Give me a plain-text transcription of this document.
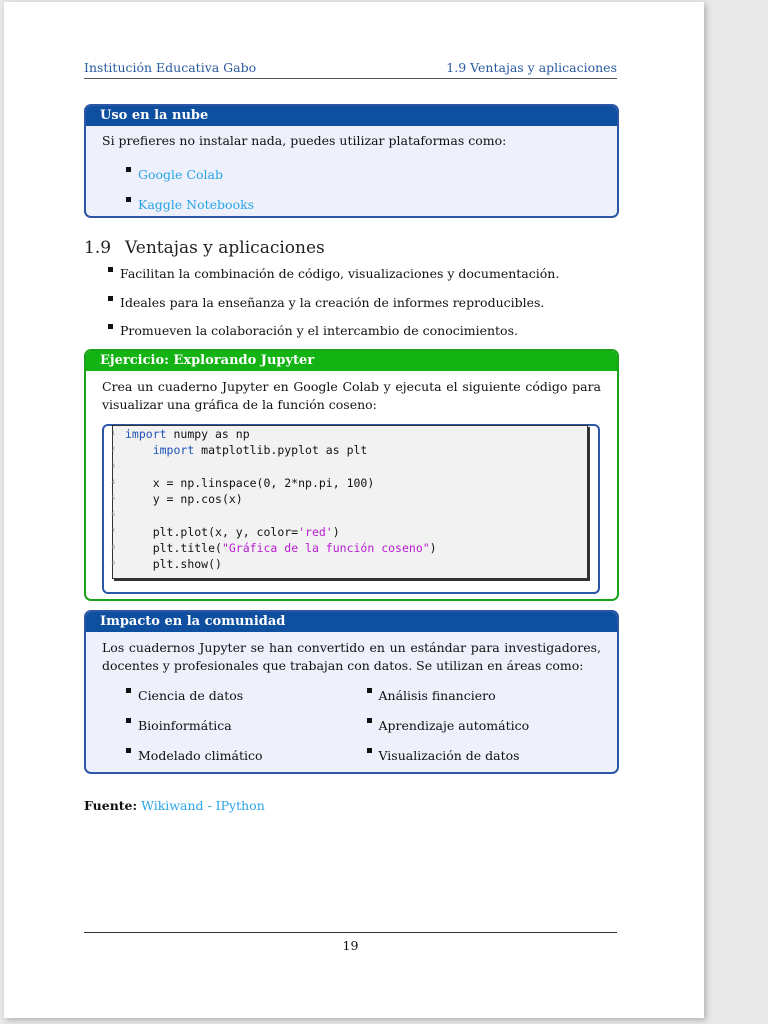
Institución Educativa Gabo	1.9 Ventajas y aplicaciones
Uso en la nube
Si prefieres no instalar nada, puedes utilizar plataformas como:
Google Colab
Kaggle Notebooks
1.9 Ventajas y aplicaciones
Facilitan la combinación de código, visualizaciones y documentación.
Ideales para la enseñanza y la creación de informes reproducibles.
Promueven la colaboración y el intercambio de conocimientos.
Ejercicio: Explorando Jupyter
Crea un cuaderno Jupyter en Google Colab y ejecuta el siguiente código para visualizar una gráfica de la función coseno:
1 import numpy as np
2	import matplotlib.pyplot as plt
3
4	x = np.linspace(0, 2*np.pi, 100)
5	y = np.cos(x)
6
7	plt.plot(x, y, color='red')
8	plt.title("Gráfica de la función coseno")
9	plt.show()
Impacto en la comunidad
Los cuadernos Jupyter se han convertido en un estándar para investigadores, docentes y profesionales que trabajan con datos. Se utilizan en áreas como:
Ciencia de datos
Bioinformática
Modelado climático
Análisis financiero
Aprendizaje automático
Visualización de datos
Fuente: Wikiwand - IPython
19
